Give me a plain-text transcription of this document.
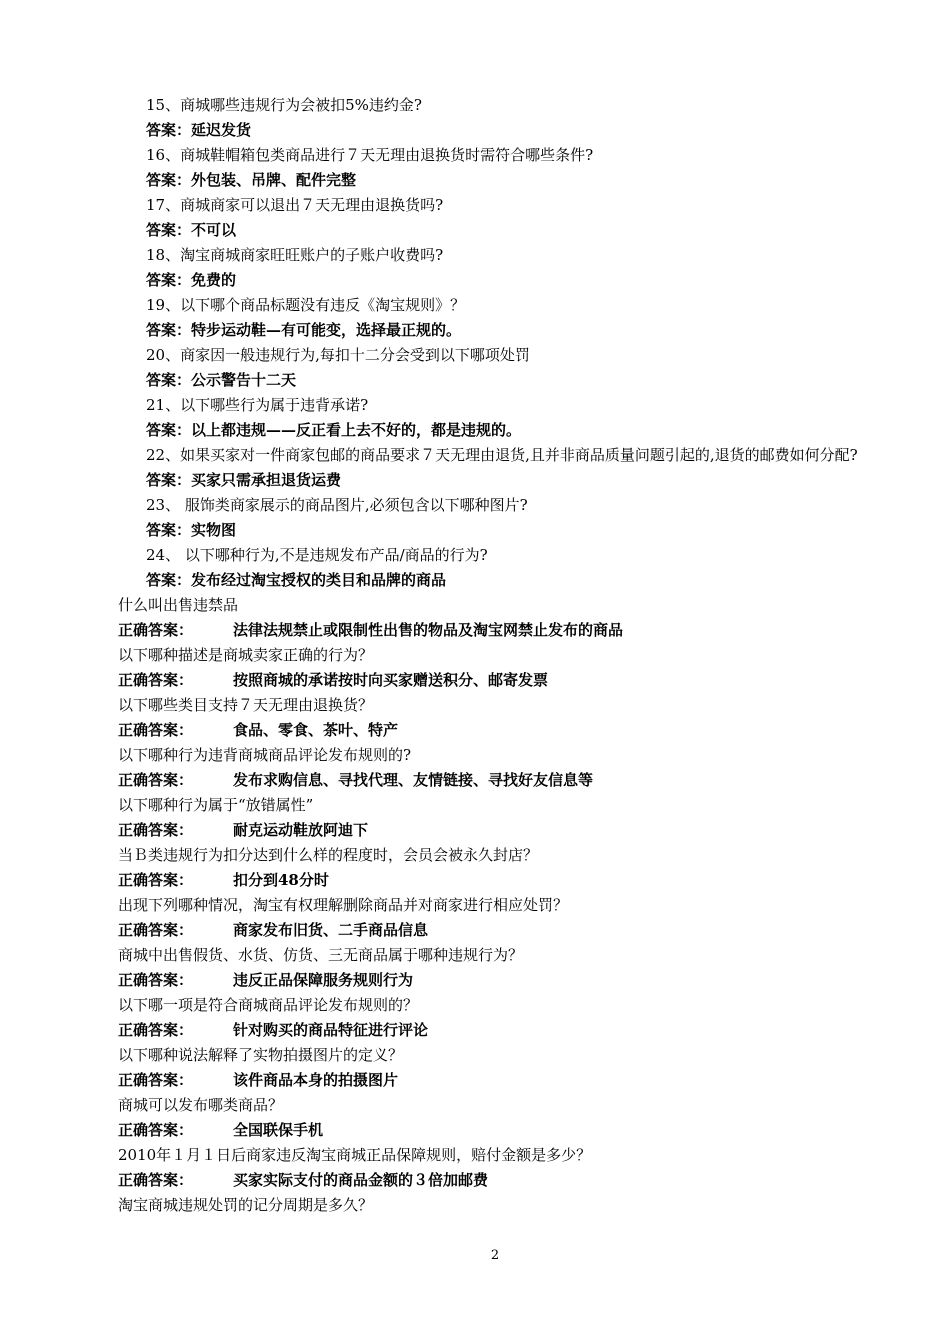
15、商城哪些违规行为会被扣5%违约金?
答案：延迟发货
16、商城鞋帽箱包类商品进行７天无理由退换货时需符合哪些条件?
答案：外包装、吊牌、配件完整
17、商城商家可以退出７天无理由退换货吗?
答案：不可以
18、淘宝商城商家旺旺账户的子账户收费吗?
答案：免费的
19、以下哪个商品标题没有违反《淘宝规则》？
答案：特步运动鞋—有可能变，选择最正规的。
20、商家因一般违规行为,每扣十二分会受到以下哪项处罚
答案：公示警告十二天
21、以下哪些行为属于违背承诺?
答案：以上都违规——反正看上去不好的，都是违规的。
22、如果买家对一件商家包邮的商品要求７天无理由退货,且并非商品质量问题引起的,退货的邮费如何分配?
答案：买家只需承担退货运费
23、 服饰类商家展示的商品图片,必须包含以下哪种图片?
答案：实物图
24、 以下哪种行为,不是违规发布产品/商品的行为?
答案：发布经过淘宝授权的类目和品牌的商品
什么叫出售违禁品
正确答案：	法律法规禁止或限制性出售的物品及淘宝网禁止发布的商品
以下哪种描述是商城卖家正确的行为？
正确答案：	按照商城的承诺按时向买家赠送积分、邮寄发票
以下哪些类目支持７天无理由退换货？
正确答案：	食品、零食、茶叶、特产
以下哪种行为违背商城商品评论发布规则的?
正确答案：	发布求购信息、寻找代理、友情链接、寻找好友信息等
以下哪种行为属于“放错属性”
正确答案：	耐克运动鞋放阿迪下
当Ｂ类违规行为扣分达到什么样的程度时，会员会被永久封店？
正确答案：	扣分到48分时
出现下列哪种情况，淘宝有权理解删除商品并对商家进行相应处罚？
正确答案：	商家发布旧货、二手商品信息
商城中出售假货、水货、仿货、三无商品属于哪种违规行为？
正确答案：	违反正品保障服务规则行为
以下哪一项是符合商城商品评论发布规则的？
正确答案：	针对购买的商品特征进行评论
以下哪种说法解释了实物拍摄图片的定义？
正确答案：	该件商品本身的拍摄图片
商城可以发布哪类商品？
正确答案：	全国联保手机
2010年１月１日后商家违反淘宝商城正品保障规则，赔付金额是多少？
正确答案：	买家实际支付的商品金额的３倍加邮费
淘宝商城违规处罚的记分周期是多久？
2
